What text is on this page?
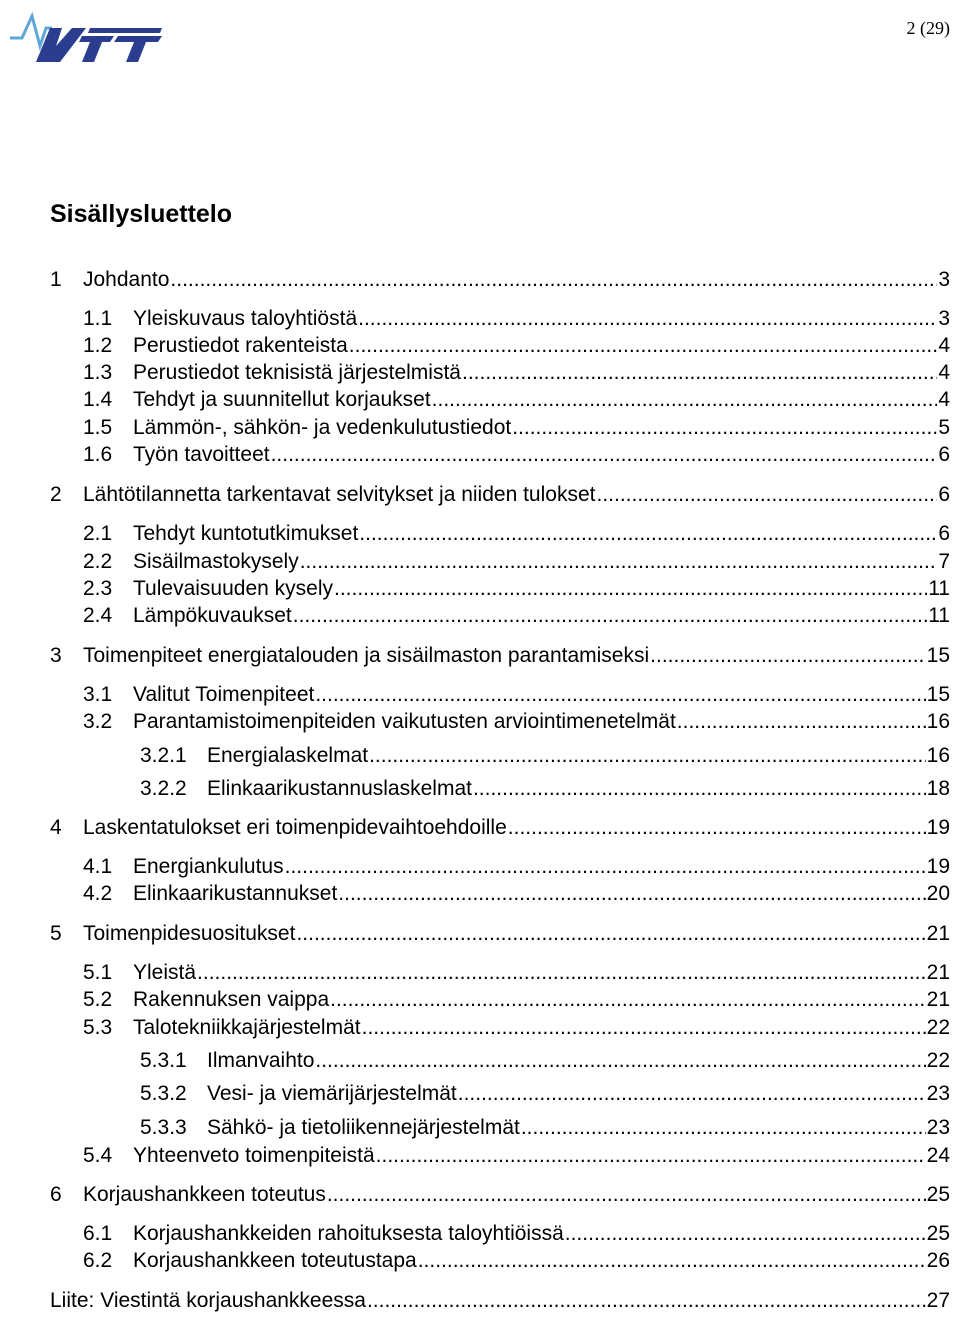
2 (29)
Sisällysluettelo
1	Johdanto .....	3
1.1 Yleiskuvaus taloyhtiöstä .....	3
1.2 Perustiedot rakenteista .....	4
1.3 Perustiedot teknisistä järjestelmistä .....	4
1.4 Tehdyt ja suunnitellut korjaukset .....	4
1.5 Lämmön-, sähkön- ja vedenkulutustiedot .....	5
1.6 Työn tavoitteet .....	6
2	Lähtötilannetta tarkentavat selvitykset ja niiden tulokset .....	6
2.1 Tehdyt kuntotutkimukset .....	6
2.2 Sisäilmastokysely .....	7
2.3 Tulevaisuuden kysely .....	11
2.4 Lämpökuvaukset .....	11
3	Toimenpiteet energiatalouden ja sisäilmaston parantamiseksi .....	15
3.1 Valitut Toimenpiteet .....	15
3.2 Parantamistoimenpiteiden vaikutusten arviointimenetelmät .....	16
3.2.1 Energialaskelmat .....	16
3.2.2 Elinkaarikustannuslaskelmat .....	18
4	Laskentatulokset eri toimenpidevaihtoehdoille .....	19
4.1 Energiankulutus .....	19
4.2 Elinkaarikustannukset .....	20
5	Toimenpidesuositukset .....	21
5.1 Yleistä .....	21
5.2 Rakennuksen vaippa .....	21
5.3 Talotekniikkajärjestelmät .....	22
5.3.1 Ilmanvaihto .....	22
5.3.2 Vesi- ja viemärijärjestelmät .....	23
5.3.3 Sähkö- ja tietoliikennejärjestelmät .....	23
5.4 Yhteenveto toimenpiteistä .....	24
6	Korjaushankkeen toteutus .....	25
6.1 Korjaushankkeiden rahoituksesta taloyhtiöissä .....	25
6.2 Korjaushankkeen toteutustapa .....	26
Liite: Viestintä korjaushankkeessa .....	27
